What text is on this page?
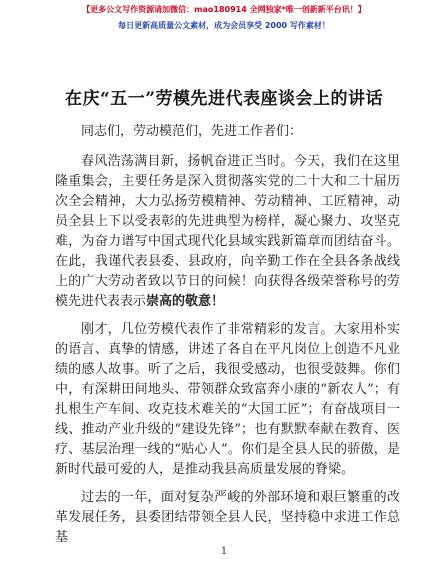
【更多公文写作资源请加微信：mao180914 全网独家*唯一创新新平台讯！】
每日更新高质量公文素材，成为会员享受 2000 写作素材！
在庆“五一”劳模先进代表座谈会上的讲话

同志们，劳动模范们，先进工作者们：

春风浩荡满目新，扬帆奋进正当时。今天，我们在这里隆重集会，主要任务是深入贯彻落实党的二十大和二十届历次全会精神，大力弘扬劳模精神、劳动精神、工匠精神，动员全县上下以受表彰的先进典型为榜样，凝心聚力、攻坚克难，为奋力谱写中国式现代化县域实践新篇章而团结奋斗。在此，我谨代表县委、县政府，向辛勤工作在全县各条战线上的广大劳动者致以节日的问候！向获得各级荣誉称号的劳模先进代表表示崇高的敬意！

刚才，几位劳模代表作了非常精彩的发言。大家用朴实的语言、真挚的情感，讲述了各自在平凡岗位上创造不凡业绩的感人故事。听了之后，我很受感动，也很受鼓舞。你们中，有深耕田间地头、带领群众致富奔小康的“新农人”；有扎根生产车间、攻克技术难关的“大国工匠”；有奋战项目一线、推动产业升级的“建设先锋”；也有默默奉献在教育、医疗、基层治理一线的“贴心人”。你们是全县人民的骄傲，是新时代最可爱的人，是推动我县高质量发展的脊梁。

过去的一年，面对复杂严峻的外部环境和艰巨繁重的改革发展任务，县委团结带领全县人民，坚持稳中求进工作总基

1
